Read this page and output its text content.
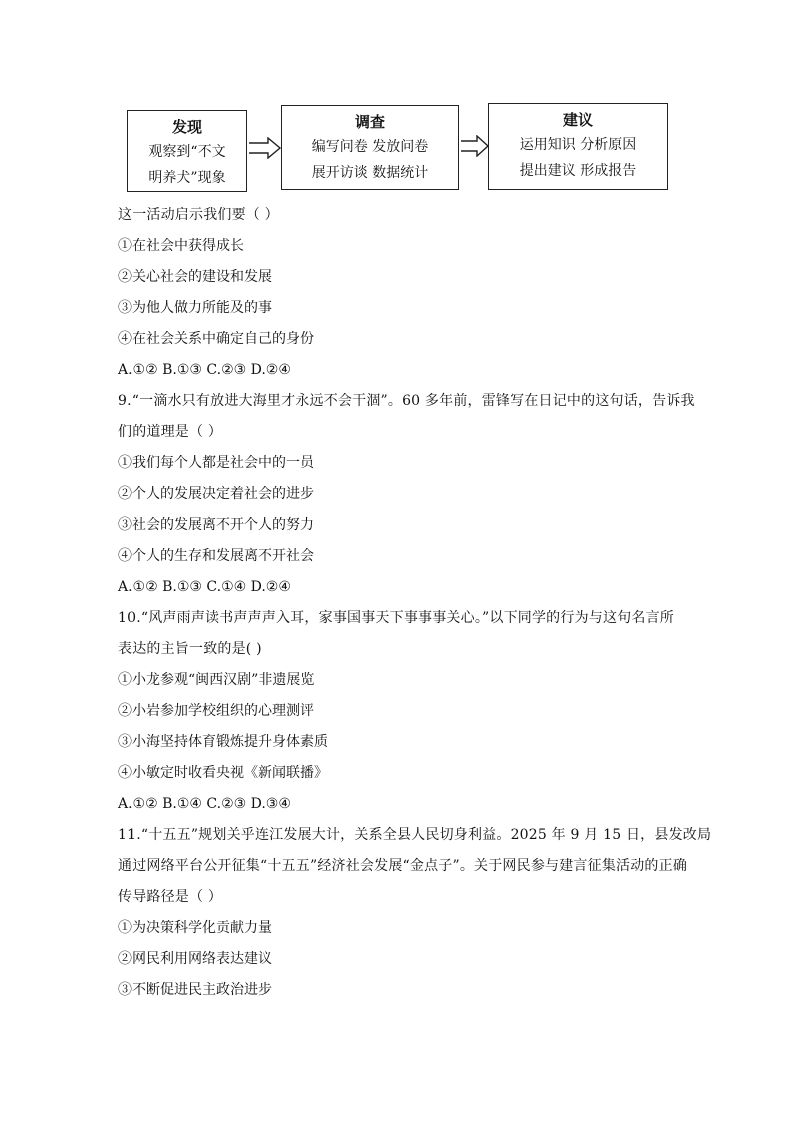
发现
观察到“不文
明养犬”现象
调查
编写问卷 发放问卷
展开访谈 数据统计
建议
运用知识 分析原因
提出建议 形成报告
这一活动启示我们要（ ）
①在社会中获得成长
②关心社会的建设和发展
③为他人做力所能及的事
④在社会关系中确定自己的身份
A.①② B.①③ C.②③ D.②④
9.“一滴水只有放进大海里才永远不会干涸”。60 多年前，雷锋写在日记中的这句话，告诉我
们的道理是（ ）
①我们每个人都是社会中的一员
②个人的发展决定着社会的进步
③社会的发展离不开个人的努力
④个人的生存和发展离不开社会
A.①② B.①③ C.①④ D.②④
10.“风声雨声读书声声声入耳，家事国事天下事事事关心。”以下同学的行为与这句名言所
表达的主旨一致的是( )
①小龙参观“闽西汉剧”非遗展览
②小岩参加学校组织的心理测评
③小海坚持体育锻炼提升身体素质
④小敏定时收看央视《新闻联播》
A.①② B.①④ C.②③ D.③④
11.“十五五”规划关乎连江发展大计，关系全县人民切身利益。2025 年 9 月 15 日，县发改局
通过网络平台公开征集“十五五”经济社会发展“金点子”。关于网民参与建言征集活动的正确
传导路径是（ ）
①为决策科学化贡献力量
②网民利用网络表达建议
③不断促进民主政治进步
